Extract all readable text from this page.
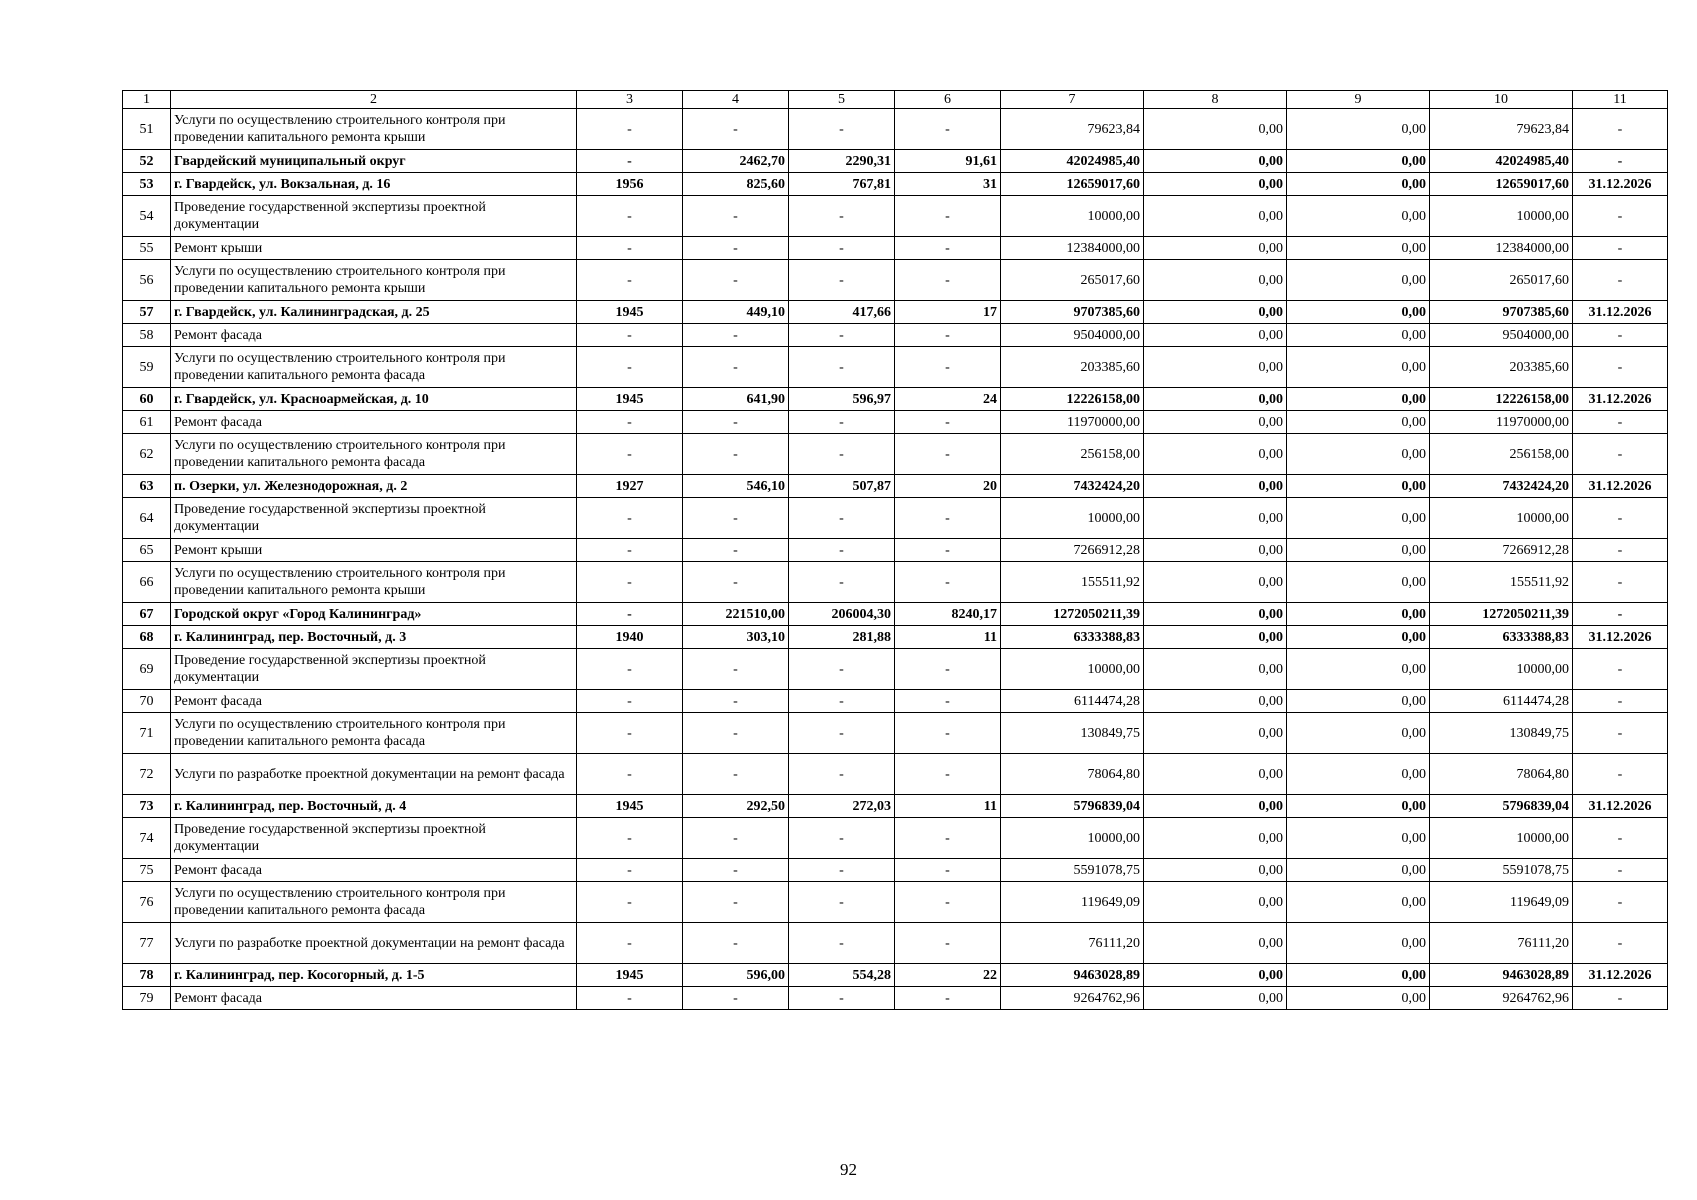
1	2	3	4	5	6	7	8	9	10	11
51	Услуги по осуществлению строительного контроля при проведении капитального ремонта крыши	-	-	-	-	79623,84	0,00	0,00	79623,84	-
52	Гвардейский муниципальный округ	-	2462,70	2290,31	91,61	42024985,40	0,00	0,00	42024985,40	-
53	г. Гвардейск, ул. Вокзальная, д. 16	1956	825,60	767,81	31	12659017,60	0,00	0,00	12659017,60	31.12.2026
54	Проведение государственной экспертизы проектной документации	-	-	-	-	10000,00	0,00	0,00	10000,00	-
55	Ремонт крыши	-	-	-	-	12384000,00	0,00	0,00	12384000,00	-
56	Услуги по осуществлению строительного контроля при проведении капитального ремонта крыши	-	-	-	-	265017,60	0,00	0,00	265017,60	-
57	г. Гвардейск, ул. Калининградская, д. 25	1945	449,10	417,66	17	9707385,60	0,00	0,00	9707385,60	31.12.2026
58	Ремонт фасада	-	-	-	-	9504000,00	0,00	0,00	9504000,00	-
59	Услуги по осуществлению строительного контроля при проведении капитального ремонта фасада	-	-	-	-	203385,60	0,00	0,00	203385,60	-
60	г. Гвардейск, ул. Красноармейская, д. 10	1945	641,90	596,97	24	12226158,00	0,00	0,00	12226158,00	31.12.2026
61	Ремонт фасада	-	-	-	-	11970000,00	0,00	0,00	11970000,00	-
62	Услуги по осуществлению строительного контроля при проведении капитального ремонта фасада	-	-	-	-	256158,00	0,00	0,00	256158,00	-
63	п. Озерки, ул. Железнодорожная, д. 2	1927	546,10	507,87	20	7432424,20	0,00	0,00	7432424,20	31.12.2026
64	Проведение государственной экспертизы проектной документации	-	-	-	-	10000,00	0,00	0,00	10000,00	-
65	Ремонт крыши	-	-	-	-	7266912,28	0,00	0,00	7266912,28	-
66	Услуги по осуществлению строительного контроля при проведении капитального ремонта крыши	-	-	-	-	155511,92	0,00	0,00	155511,92	-
67	Городской округ «Город Калининград»	-	221510,00	206004,30	8240,17	1272050211,39	0,00	0,00	1272050211,39	-
68	г. Калининград, пер. Восточный, д. 3	1940	303,10	281,88	11	6333388,83	0,00	0,00	6333388,83	31.12.2026
69	Проведение государственной экспертизы проектной документации	-	-	-	-	10000,00	0,00	0,00	10000,00	-
70	Ремонт фасада	-	-	-	-	6114474,28	0,00	0,00	6114474,28	-
71	Услуги по осуществлению строительного контроля при проведении капитального ремонта фасада	-	-	-	-	130849,75	0,00	0,00	130849,75	-
72	Услуги по разработке проектной документации на ремонт фасада	-	-	-	-	78064,80	0,00	0,00	78064,80	-
73	г. Калининград, пер. Восточный, д. 4	1945	292,50	272,03	11	5796839,04	0,00	0,00	5796839,04	31.12.2026
74	Проведение государственной экспертизы проектной документации	-	-	-	-	10000,00	0,00	0,00	10000,00	-
75	Ремонт фасада	-	-	-	-	5591078,75	0,00	0,00	5591078,75	-
76	Услуги по осуществлению строительного контроля при проведении капитального ремонта фасада	-	-	-	-	119649,09	0,00	0,00	119649,09	-
77	Услуги по разработке проектной документации на ремонт фасада	-	-	-	-	76111,20	0,00	0,00	76111,20	-
78	г. Калининград, пер. Косогорный, д. 1-5	1945	596,00	554,28	22	9463028,89	0,00	0,00	9463028,89	31.12.2026
79	Ремонт фасада	-	-	-	-	9264762,96	0,00	0,00	9264762,96	-
92
